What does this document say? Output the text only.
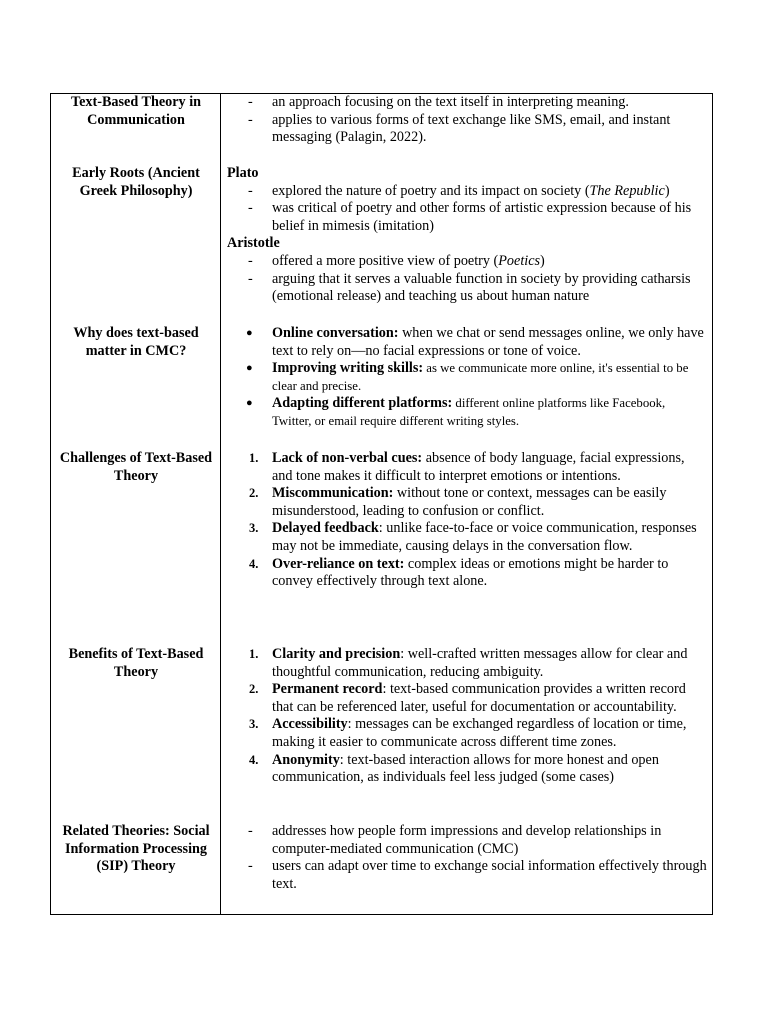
Text-Based Theory in Communication
- an approach focusing on the text itself in interpreting meaning.
- applies to various forms of text exchange like SMS, email, and instant messaging (Palagin, 2022).
Early Roots (Ancient Greek Philosophy)
Plato
- explored the nature of poetry and its impact on society (The Republic)
- was critical of poetry and other forms of artistic expression because of his belief in mimesis (imitation)
Aristotle
- offered a more positive view of poetry (Poetics)
- arguing that it serves a valuable function in society by providing catharsis (emotional release) and teaching us about human nature
Why does text-based matter in CMC?
● Online conversation: when we chat or send messages online, we only have text to rely on—no facial expressions or tone of voice.
● Improving writing skills: as we communicate more online, it's essential to be clear and precise.
● Adapting different platforms: different online platforms like Facebook, Twitter, or email require different writing styles.
Challenges of Text-Based Theory
1. Lack of non-verbal cues: absence of body language, facial expressions, and tone makes it difficult to interpret emotions or intentions.
2. Miscommunication: without tone or context, messages can be easily misunderstood, leading to confusion or conflict.
3. Delayed feedback: unlike face-to-face or voice communication, responses may not be immediate, causing delays in the conversation flow.
4. Over-reliance on text: complex ideas or emotions might be harder to convey effectively through text alone.
Benefits of Text-Based Theory
1. Clarity and precision: well-crafted written messages allow for clear and thoughtful communication, reducing ambiguity.
2. Permanent record: text-based communication provides a written record that can be referenced later, useful for documentation or accountability.
3. Accessibility: messages can be exchanged regardless of location or time, making it easier to communicate across different time zones.
4. Anonymity: text-based interaction allows for more honest and open communication, as individuals feel less judged (some cases)
Related Theories: Social Information Processing (SIP) Theory
- addresses how people form impressions and develop relationships in computer-mediated communication (CMC)
- users can adapt over time to exchange social information effectively through text.
